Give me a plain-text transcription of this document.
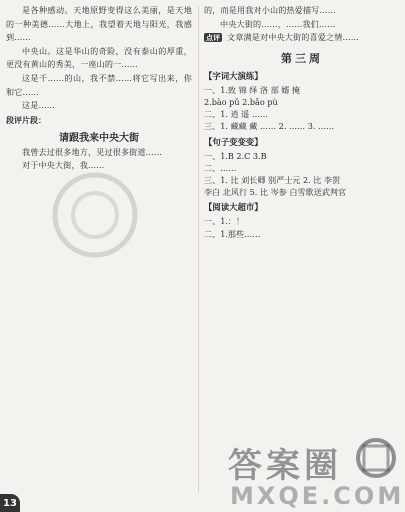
是各种感动。天地原野变得这么美丽，是天地的一种美德……大地上，我望着天地与阳光，我感到……

中央山。这是华山的奇险，没有泰山的厚重，更没有黄山的秀美，一座山的一……

这是千……的山，我不禁……将它写出来，你和它……

这是……

段评片段：

请跟我来中央大街

我曾去过很多地方，见过很多街道……

对于中央大街，我……

的，而是用我对小山的热爱描写……

中央大街的……，……我们……

点评 文章满是对中央大街的喜爱之情……

第三周
【字词大演练】

一、1.致 锦 绎 洛 部 婿 掩

2.bào pǔ 2.bǎo pù

二、1. 逍 遥 ……

三、1. 藏藏 藏 …… 2. …… 3. ……

【句子变变变】

一、1.B 2.C 3.B

二、……

三、1. 比 刘长卿 别严士元 2. 比 李贺

李白 北风行 5. 比 岑参 白雪歌送武判官

【阅读大超市】

一、1.：！

二、1.那些……

13
答案圈
MXQE.COM
